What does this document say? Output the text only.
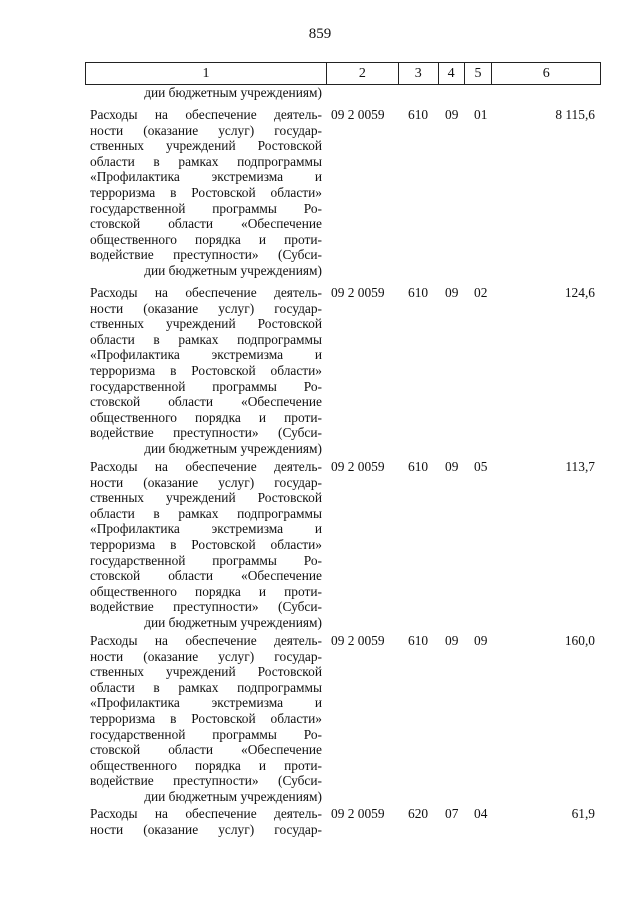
859
1	2	3	4	5	6
дии бюджетным учреждениям)
Расходы на обеспечение деятель-
ности (оказание услуг) государ-
ственных учреждений Ростовской
области в рамках подпрограммы
«Профилактика экстремизма и
терроризма в Ростовской области»
государственной программы Ро-
стовской области «Обеспечение
общественного порядка и проти-
водействие преступности» (Субси-
дии бюджетным учреждениям)
09 2 0059	610	09	01	8 115,6
Расходы на обеспечение деятель-
ности (оказание услуг) государ-
ственных учреждений Ростовской
области в рамках подпрограммы
«Профилактика экстремизма и
терроризма в Ростовской области»
государственной программы Ро-
стовской области «Обеспечение
общественного порядка и проти-
водействие преступности» (Субси-
дии бюджетным учреждениям)
09 2 0059	610	09	02	124,6
Расходы на обеспечение деятель-
ности (оказание услуг) государ-
ственных учреждений Ростовской
области в рамках подпрограммы
«Профилактика экстремизма и
терроризма в Ростовской области»
государственной программы Ро-
стовской области «Обеспечение
общественного порядка и проти-
водействие преступности» (Субси-
дии бюджетным учреждениям)
09 2 0059	610	09	05	113,7
Расходы на обеспечение деятель-
ности (оказание услуг) государ-
ственных учреждений Ростовской
области в рамках подпрограммы
«Профилактика экстремизма и
терроризма в Ростовской области»
государственной программы Ро-
стовской области «Обеспечение
общественного порядка и проти-
водействие преступности» (Субси-
дии бюджетным учреждениям)
09 2 0059	610	09	09	160,0
Расходы на обеспечение деятель-
ности (оказание услуг) государ-
09 2 0059	620	07	04	61,9
